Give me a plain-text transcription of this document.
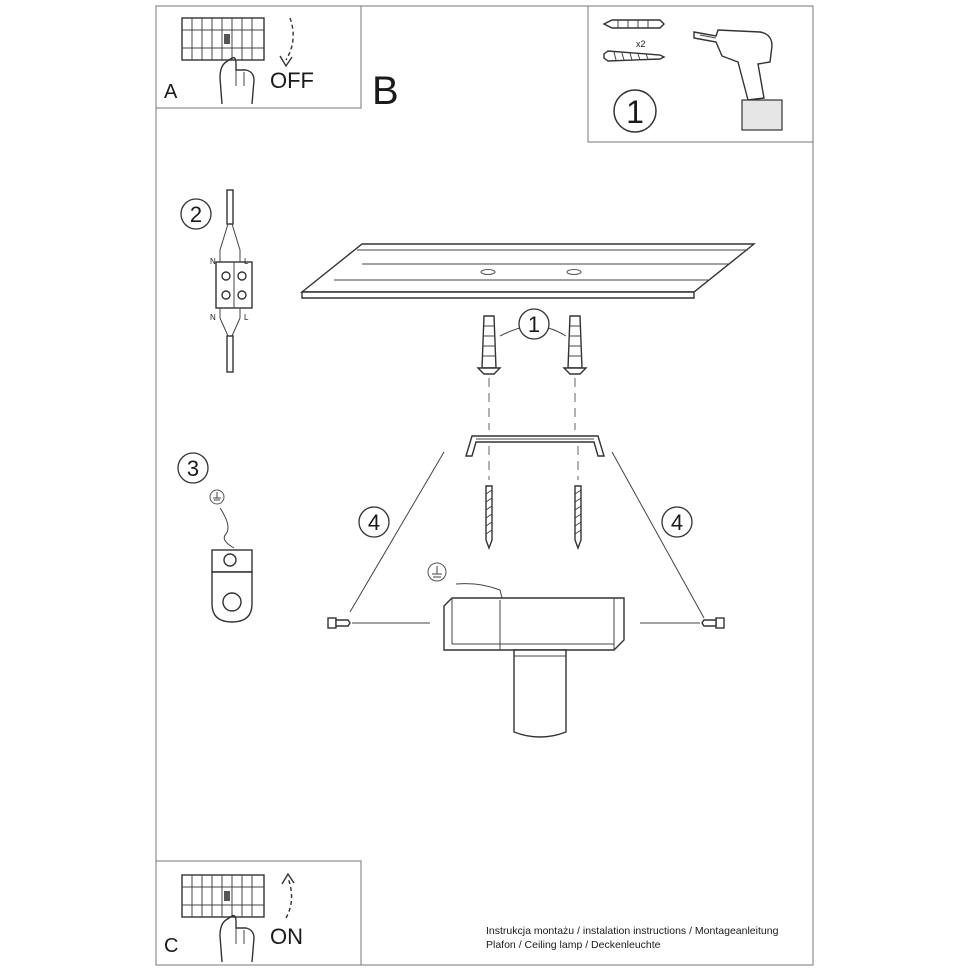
OFF
A	B
x2
1
2
N	L
N	L
3
1
4	4
ON
C
Instrukcja montażu / instalation instructions / Montageanleitung
Plafon / Ceiling lamp / Deckenleuchte
